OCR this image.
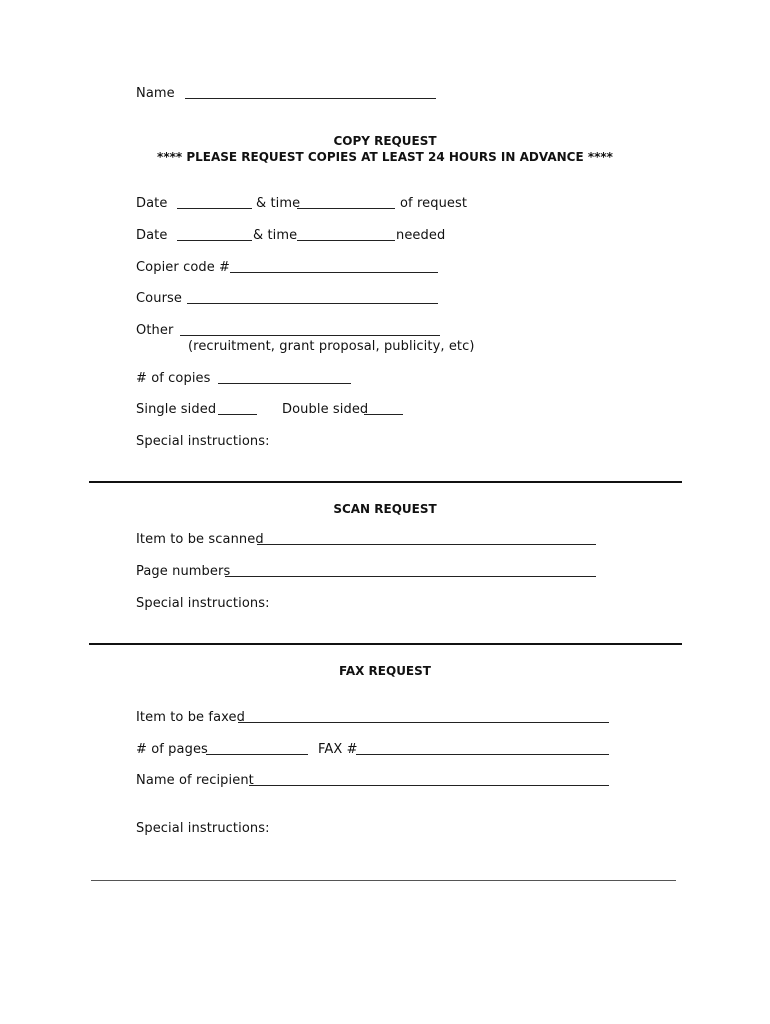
Name
COPY REQUEST
**** PLEASE REQUEST COPIES AT LEAST 24 HOURS IN ADVANCE ****
Date	& time	of request
Date	& time	needed
Copier code #
Course
Other
(recruitment, grant proposal, publicity, etc)
# of copies
Single sided	Double sided
Special instructions:
SCAN REQUEST
Item to be scanned
Page numbers
Special instructions:
FAX REQUEST
Item to be faxed
# of pages	FAX #
Name of recipient
Special instructions:
